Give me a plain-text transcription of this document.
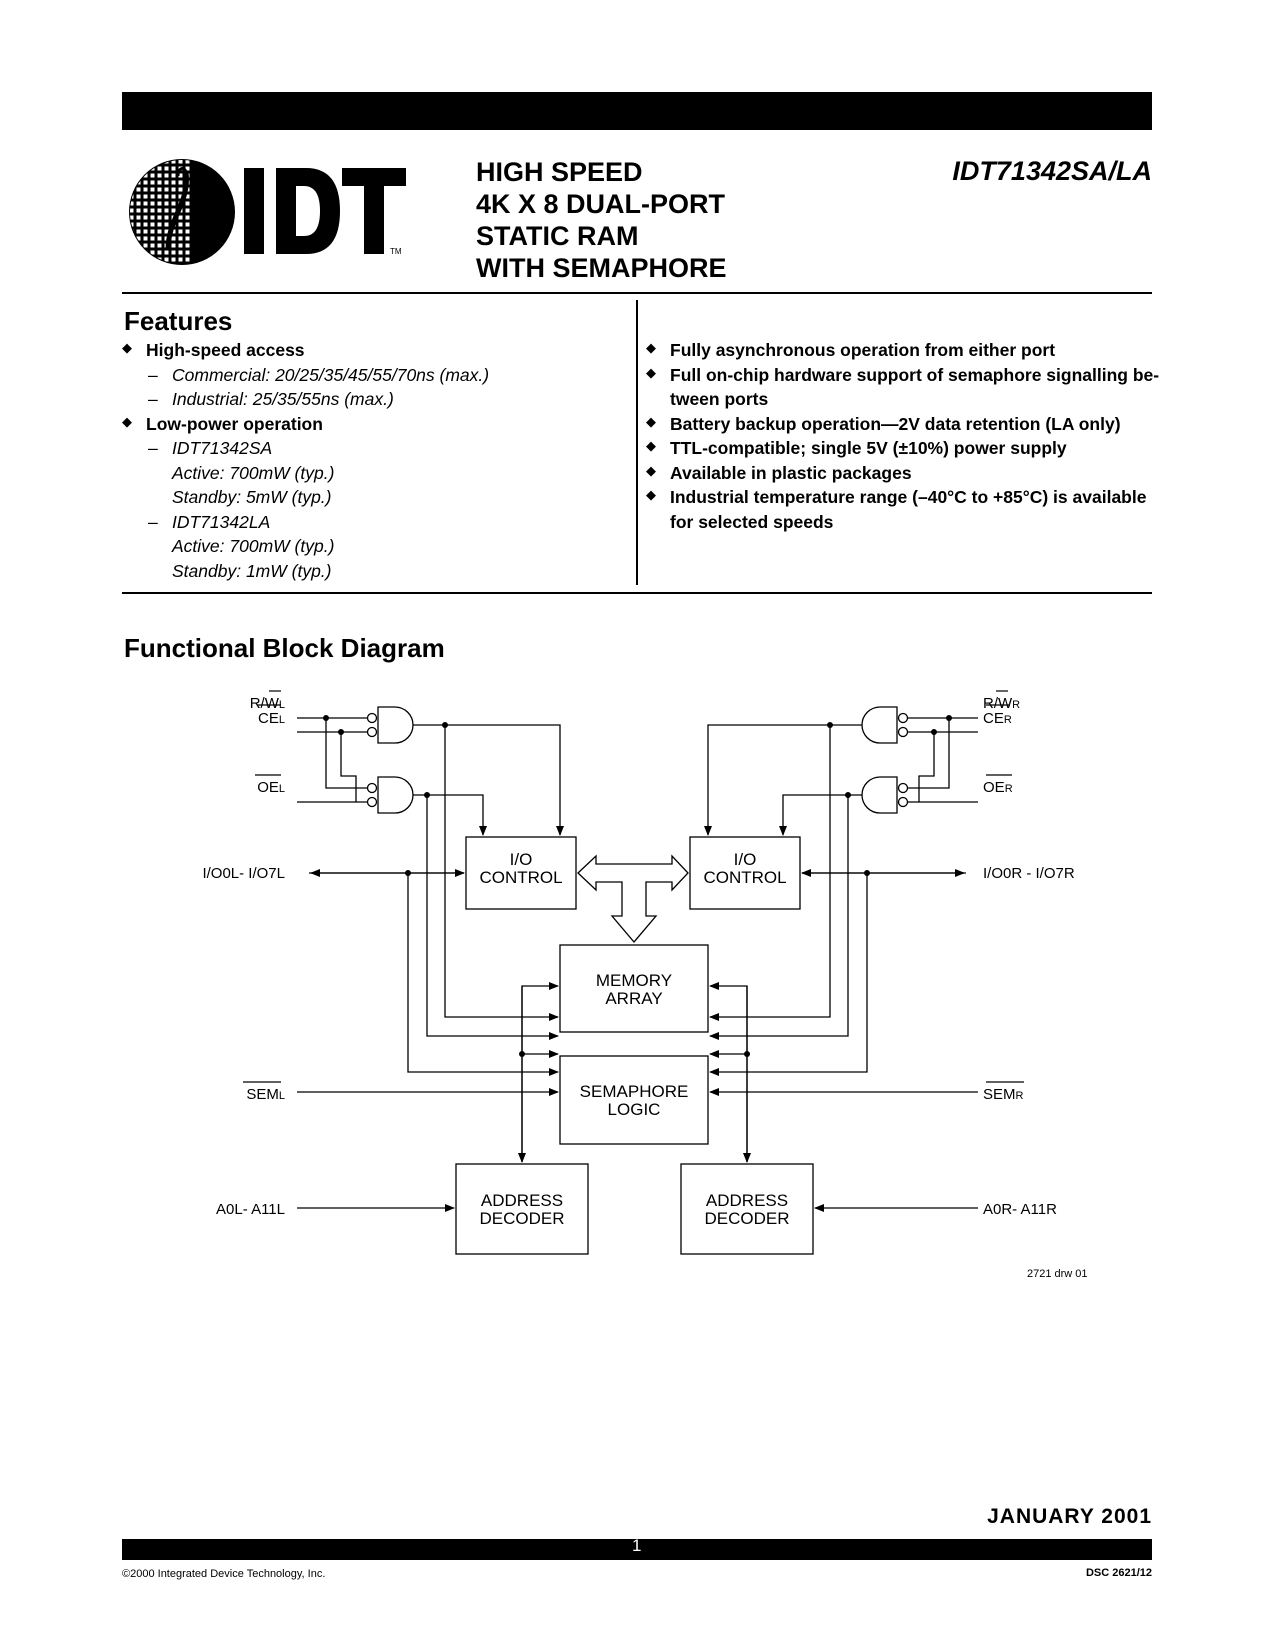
TM
HIGH SPEED
4K X 8 DUAL-PORT
STATIC RAM
WITH SEMAPHORE
IDT71342SA/LA
Features
◆ High-speed access
– Commercial: 20/25/35/45/55/70ns (max.)
– Industrial: 25/35/55ns (max.)
◆ Low-power operation
– IDT71342SA
Active: 700mW (typ.)
Standby: 5mW (typ.)
– IDT71342LA
Active: 700mW (typ.)
Standby: 1mW (typ.)
◆ Fully asynchronous operation from either port
◆ Full on-chip hardware support of semaphore signalling be-
tween ports
◆ Battery backup operation—2V data retention (LA only)
◆ TTL-compatible; single 5V (±10%) power supply
◆ Available in plastic packages
◆ Industrial temperature range (–40°C to +85°C) is available
for selected speeds
Functional Block Diagram
I/O
CONTROL
I/O
CONTROL
MEMORY
ARRAY
SEMAPHORE
LOGIC
ADDRESS
DECODER
ADDRESS
DECODER
R/WL
CEL
OEL
I/O0L- I/O7L
SEML
A0L- A11L
R/WR
CER
OER
I/O0R - I/O7R
SEMR
A0R- A11R
2721 drw 01
JANUARY 2001
1
©2000 Integrated Device Technology, Inc.	DSC 2621/12
